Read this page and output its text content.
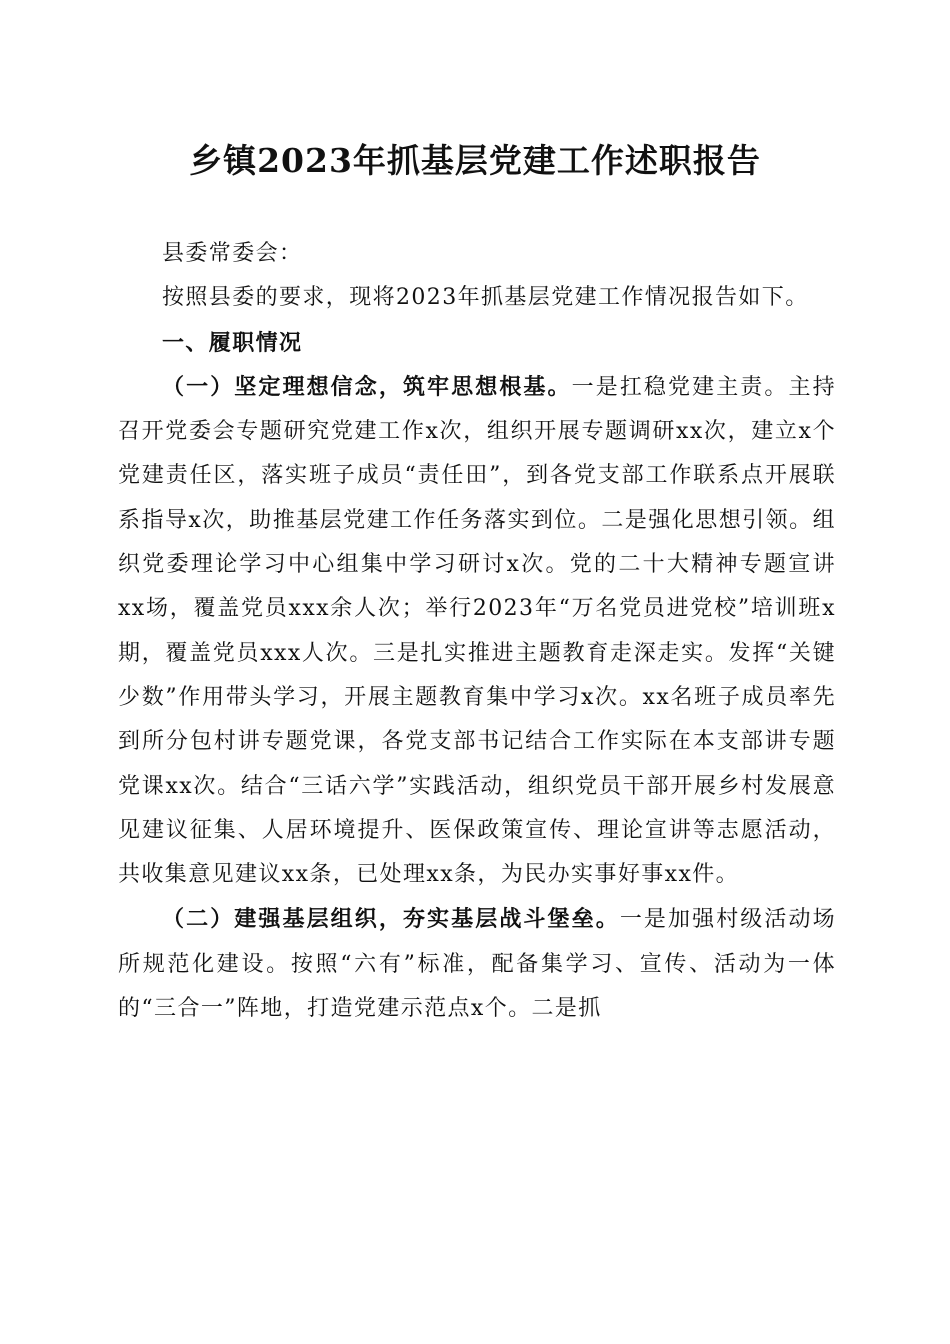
乡镇2023年抓基层党建工作述职报告

县委常委会：

按照县委的要求，现将2023年抓基层党建工作情况报告如下。

一、履职情况

（一）坚定理想信念，筑牢思想根基。一是扛稳党建主责。主持召开党委会专题研究党建工作x次，组织开展专题调研xx次，建立x个党建责任区，落实班子成员“责任田”，到各党支部工作联系点开展联系指导x次，助推基层党建工作任务落实到位。二是强化思想引领。组织党委理论学习中心组集中学习研讨x次。党的二十大精神专题宣讲xx场，覆盖党员xxx余人次；举行2023年“万名党员进党校”培训班x期，覆盖党员xxx人次。三是扎实推进主题教育走深走实。发挥“关键少数”作用带头学习，开展主题教育集中学习x次。xx名班子成员率先到所分包村讲专题党课，各党支部书记结合工作实际在本支部讲专题党课xx次。结合“三话六学”实践活动，组织党员干部开展乡村发展意见建议征集、人居环境提升、医保政策宣传、理论宣讲等志愿活动，共收集意见建议xx条，已处理xx条，为民办实事好事xx件。

（二）建强基层组织，夯实基层战斗堡垒。一是加强村级活动场所规范化建设。按照“六有”标准，配备集学习、宣传、活动为一体的“三合一”阵地，打造党建示范点x个。二是抓
